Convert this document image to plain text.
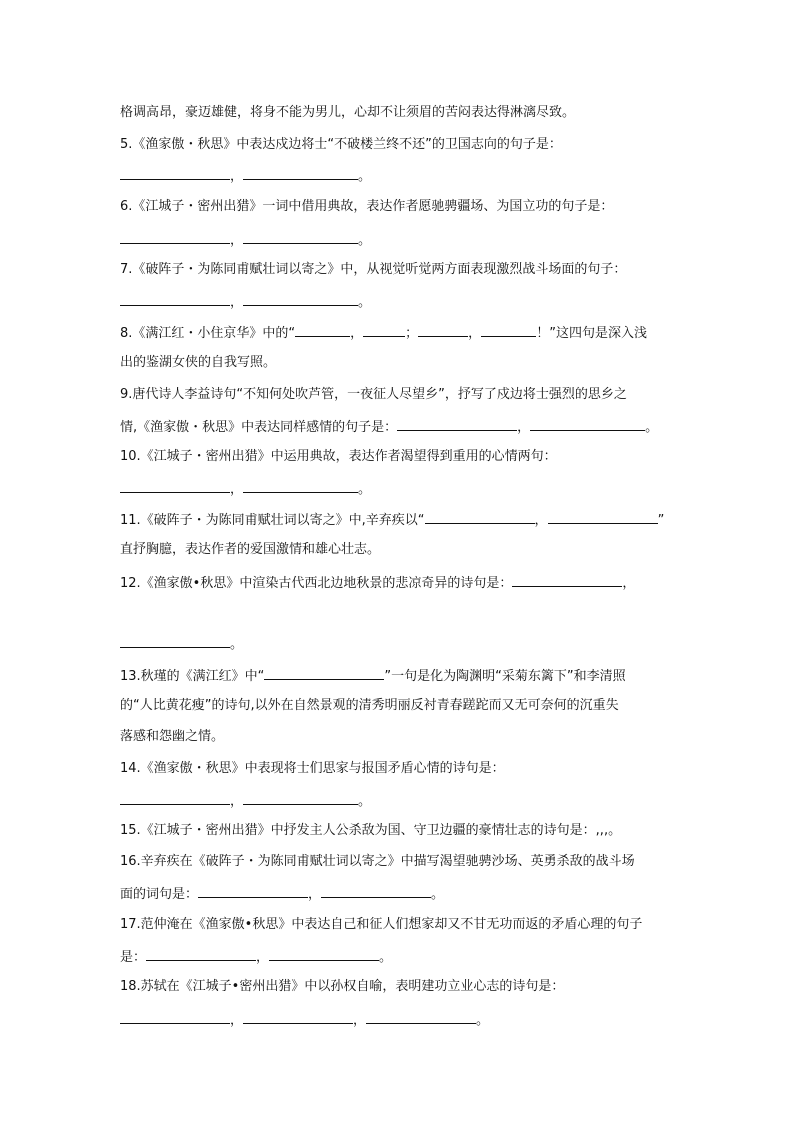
格调高昂，豪迈雄健，将身不能为男儿，心却不让须眉的苦闷表达得淋漓尽致。
5.《渔家傲・秋思》中表达戍边将士“不破楼兰终不还”的卫国志向的句子是：
，	。
6.《江城子・密州出猎》一词中借用典故，表达作者愿驰骋疆场、为国立功的句子是：
，	。
7.《破阵子・为陈同甫赋壮词以寄之》中，从视觉听觉两方面表现激烈战斗场面的句子：
，	。
8.《满江红・小住京华》中的“	，	；	，	！”这四句是深入浅
出的鉴湖女侠的自我写照。
9.唐代诗人李益诗句“不知何处吹芦管，一夜征人尽望乡”，抒写了戍边将士强烈的思乡之
情,《渔家傲・秋思》中表达同样感情的句子是：	，	。
10.《江城子・密州出猎》中运用典故，表达作者渴望得到重用的心情两句：
，	。
11.《破阵子・为陈同甫赋壮词以寄之》中,辛弃疾以“	，	”
直抒胸臆，表达作者的爱国激情和雄心壮志。
12.《渔家傲•秋思》中渲染古代西北边地秋景的悲凉奇异的诗句是：	，
。
13.秋瑾的《满江红》中“	”一句是化为陶渊明“采菊东篱下”和李清照
的“人比黄花瘦”的诗句,以外在自然景观的清秀明丽反衬青春蹉跎而又无可奈何的沉重失
落感和怨幽之情。
14.《渔家傲・秋思》中表现将士们思家与报国矛盾心情的诗句是：
，	。
15.《江城子・密州出猎》中抒发主人公杀敌为国、守卫边疆的豪情壮志的诗句是：,,,。
16.辛弃疾在《破阵子・为陈同甫赋壮词以寄之》中描写渴望驰骋沙场、英勇杀敌的战斗场
面的词句是：	，	。
17.范仲淹在《渔家傲•秋思》中表达自己和征人们想家却又不甘无功而返的矛盾心理的句子
是：	，	。
18.苏轼在《江城子•密州出猎》中以孙权自喻，表明建功立业心志的诗句是：
，	，	。
